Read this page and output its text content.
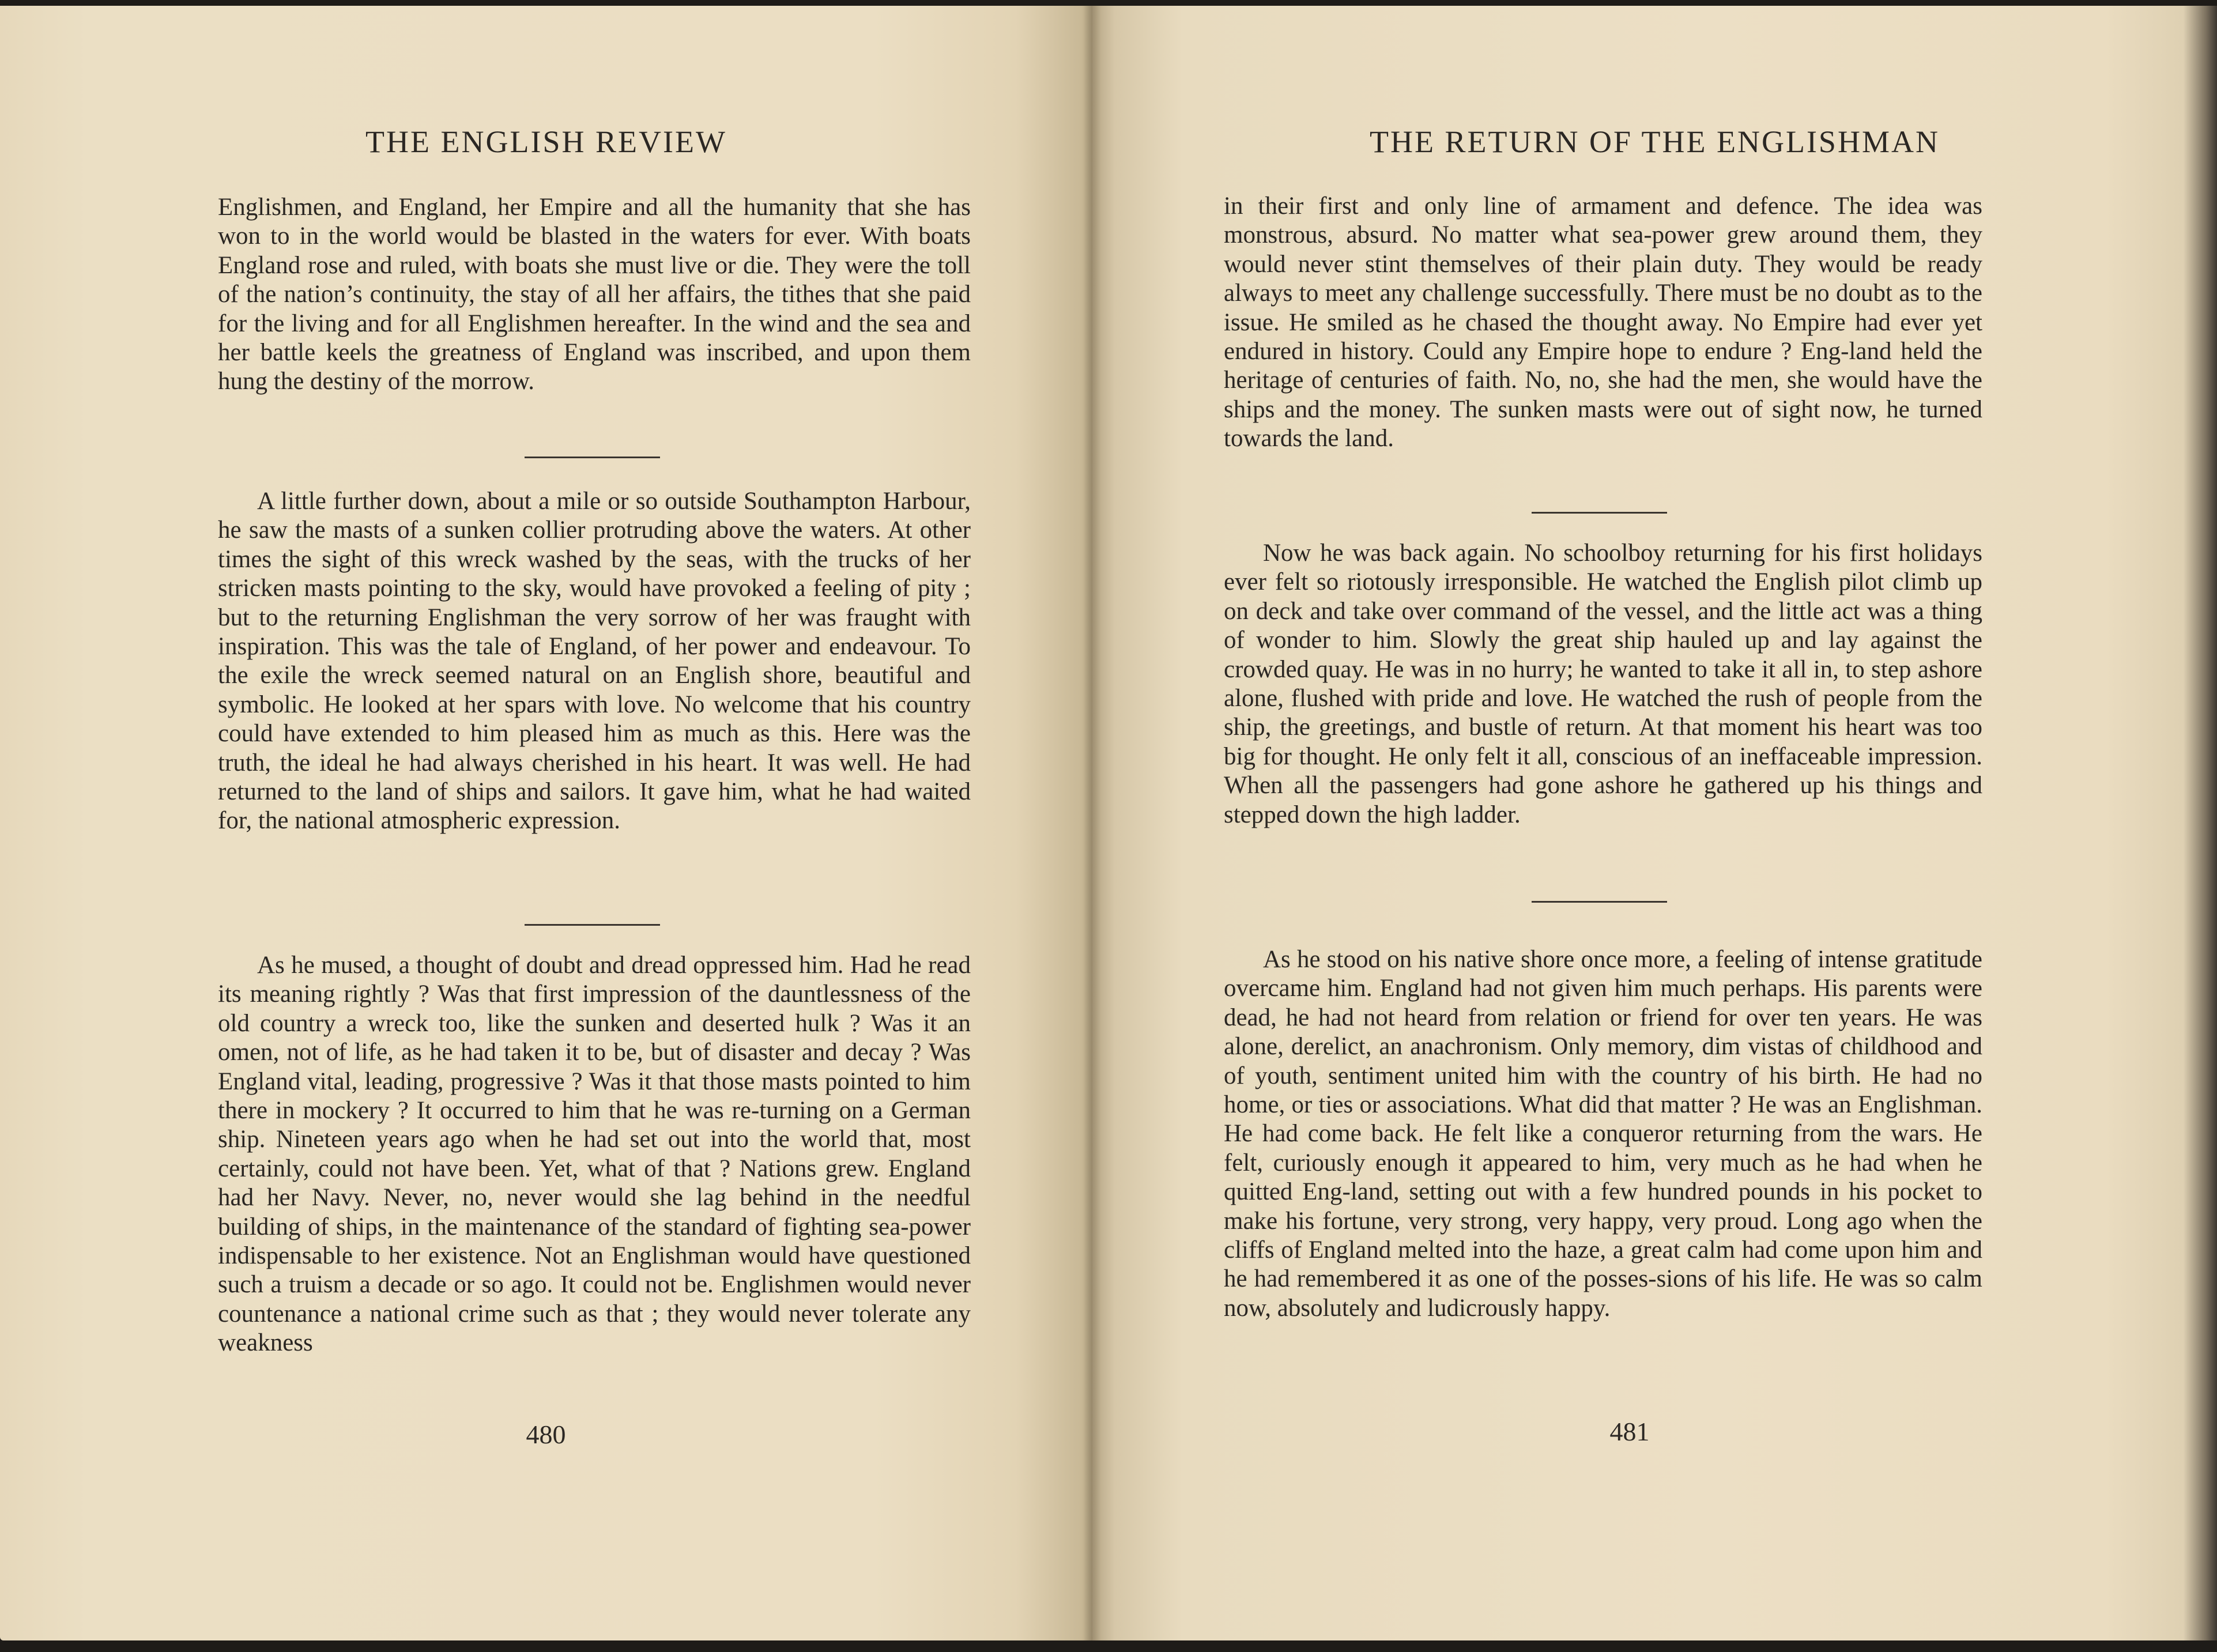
THE ENGLISH REVIEW

Englishmen, and England, her Empire and all the humanity that she has won to in the world would be blasted in the waters for ever. With boats England rose and ruled, with boats she must live or die. They were the toll of the nation’s continuity, the stay of all her affairs, the tithes that she paid for the living and for all Englishmen hereafter. In the wind and the sea and her battle keels the greatness of England was inscribed, and upon them hung the destiny of the morrow.

A little further down, about a mile or so outside Southampton Harbour, he saw the masts of a sunken collier protruding above the waters. At other times the sight of this wreck washed by the seas, with the trucks of her stricken masts pointing to the sky, would have provoked a feeling of pity ; but to the returning Englishman the very sorrow of her was fraught with inspiration. This was the tale of England, of her power and endeavour. To the exile the wreck seemed natural on an English shore, beautiful and symbolic. He looked at her spars with love. No welcome that his country could have extended to him pleased him as much as this. Here was the truth, the ideal he had always cherished in his heart. It was well. He had returned to the land of ships and sailors. It gave him, what he had waited for, the national atmospheric expression.

As he mused, a thought of doubt and dread oppressed him. Had he read its meaning rightly ? Was that first impression of the dauntlessness of the old country a wreck too, like the sunken and deserted hulk ? Was it an omen, not of life, as he had taken it to be, but of disaster and decay ? Was England vital, leading, progressive ? Was it that those masts pointed to him there in mockery ? It occurred to him that he was re-turning on a German ship. Nineteen years ago when he had set out into the world that, most certainly, could not have been. Yet, what of that ? Nations grew. England had her Navy. Never, no, never would she lag behind in the needful building of ships, in the maintenance of the standard of fighting sea-power indispensable to her existence. Not an Englishman would have questioned such a truism a decade or so ago. It could not be. Englishmen would never countenance a national crime such as that ; they would never tolerate any weakness

480
THE RETURN OF THE ENGLISHMAN

in their first and only line of armament and defence. The idea was monstrous, absurd. No matter what sea-power grew around them, they would never stint themselves of their plain duty. They would be ready always to meet any challenge successfully. There must be no doubt as to the issue. He smiled as he chased the thought away. No Empire had ever yet endured in history. Could any Empire hope to endure ? Eng-land held the heritage of centuries of faith. No, no, she had the men, she would have the ships and the money. The sunken masts were out of sight now, he turned towards the land.

Now he was back again. No schoolboy returning for his first holidays ever felt so riotously irresponsible. He watched the English pilot climb up on deck and take over command of the vessel, and the little act was a thing of wonder to him. Slowly the great ship hauled up and lay against the crowded quay. He was in no hurry; he wanted to take it all in, to step ashore alone, flushed with pride and love. He watched the rush of people from the ship, the greetings, and bustle of return. At that moment his heart was too big for thought. He only felt it all, conscious of an ineffaceable impression. When all the passengers had gone ashore he gathered up his things and stepped down the high ladder.

As he stood on his native shore once more, a feeling of intense gratitude overcame him. England had not given him much perhaps. His parents were dead, he had not heard from relation or friend for over ten years. He was alone, derelict, an anachronism. Only memory, dim vistas of childhood and of youth, sentiment united him with the country of his birth. He had no home, or ties or associations. What did that matter ? He was an Englishman. He had come back. He felt like a conqueror returning from the wars. He felt, curiously enough it appeared to him, very much as he had when he quitted Eng-land, setting out with a few hundred pounds in his pocket to make his fortune, very strong, very happy, very proud. Long ago when the cliffs of England melted into the haze, a great calm had come upon him and he had remembered it as one of the posses-sions of his life. He was so calm now, absolutely and ludicrously happy.

481
